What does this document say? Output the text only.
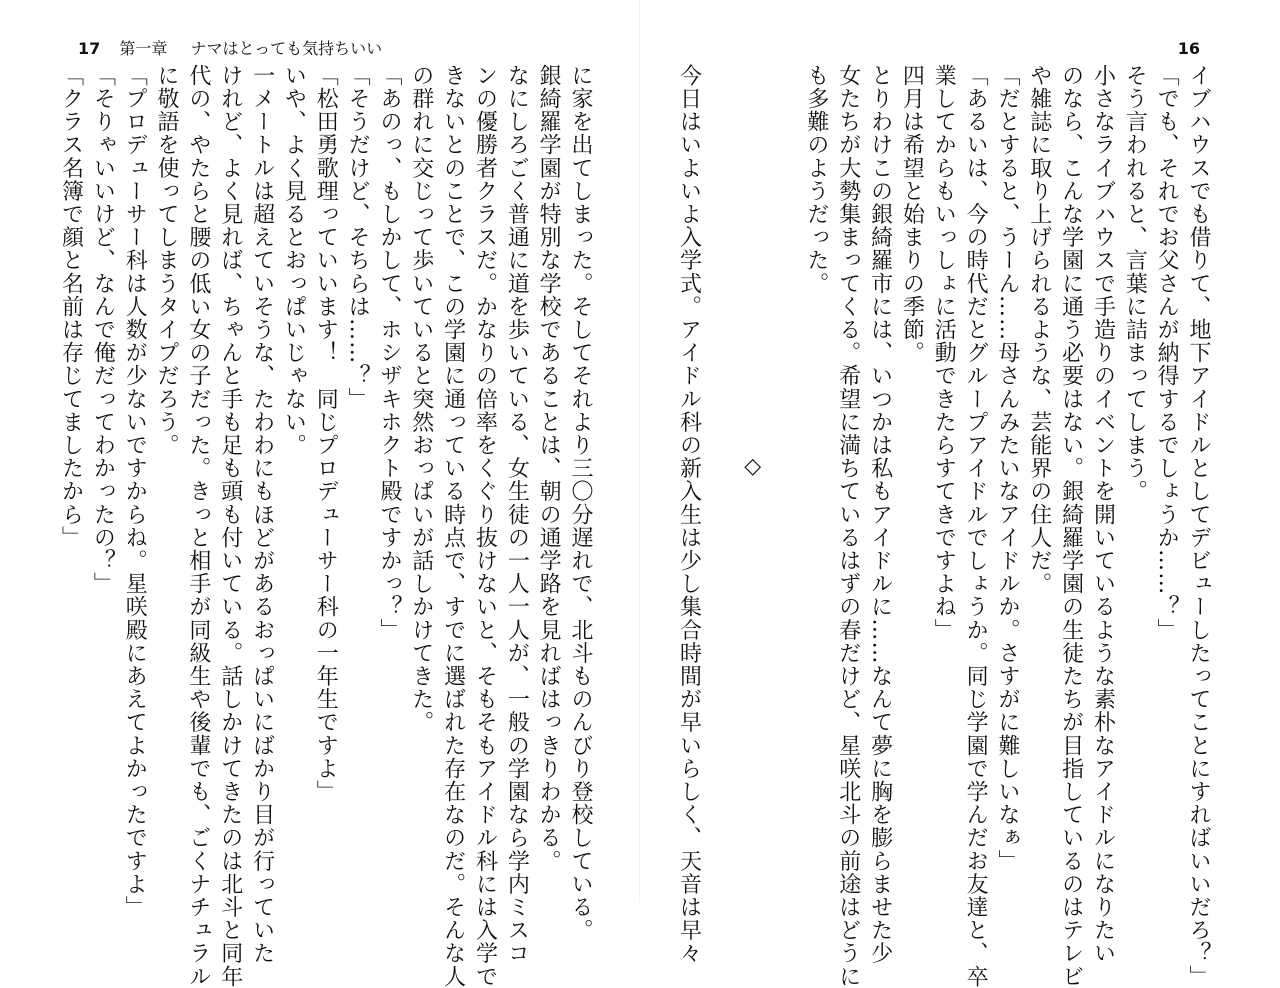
17 第一章 ナマはとっても気持ちいい	16
イブハウスでも借りて、地下アイドルとしてデビューしたってことにすればいいだろ？」
「でも、それでお父さんが納得するでしょうか……？」
そう言われると、言葉に詰まってしまう。
小さなライブハウスで手造りのイベントを開いているような素朴なアイドルになりたい
のなら、こんな学園に通う必要はない。銀綺羅学園の生徒たちが目指しているのはテレビ
や雑誌に取り上げられるような、芸能界の住人だ。
「だとすると、うーん……母さんみたいなアイドルか。さすがに難しいなぁ」
「あるいは、今の時代だとグループアイドルでしょうか。同じ学園で学んだお友達と、卒
業してからもいっしょに活動できたらすてきですよね」
四月は希望と始まりの季節。
とりわけこの銀綺羅市には、いつかは私もアイドルに……なんて夢に胸を膨らませた少
女たちが大勢集まってくる。希望に満ちているはずの春だけど、星咲北斗の前途はどうに
も多難のようだった。
◇
今日はいよいよ入学式。アイドル科の新入生は少し集合時間が早いらしく、天音は早々
に家を出てしまった。そしてそれより三〇分遅れで、北斗ものんびり登校している。
銀綺羅学園が特別な学校であることは、朝の通学路を見ればはっきりわかる。
なにしろごく普通に道を歩いている、女生徒の一人一人が、一般の学園なら学内ミスコ
ンの優勝者クラスだ。かなりの倍率をくぐり抜けないと、そもそもアイドル科には入学で
きないとのことで、この学園に通っている時点で、すでに選ばれた存在なのだ。そんな人
の群れに交じって歩いていると突然おっぱいが話しかけてきた。
「あのっ、もしかして、ホシザキホクト殿ですかっ？」
「そうだけど、そちらは……？」
「松田勇歌理っていいます！　同じプロデューサー科の一年生ですよ」
いや、よく見るとおっぱいじゃない。
一メートルは超えていそうな、たわわにもほどがあるおっぱいにばかり目が行っていた
けれど、よく見れば、ちゃんと手も足も頭も付いている。話しかけてきたのは北斗と同年
代の、やたらと腰の低い女の子だった。きっと相手が同級生や後輩でも、ごくナチュラル
に敬語を使ってしまうタイプだろう。
「プロデューサー科は人数が少ないですからね。星咲殿にあえてよかったですよ」
「そりゃいいけど、なんで俺だってわかったの？」
「クラス名簿で顔と名前は存じてましたから」
